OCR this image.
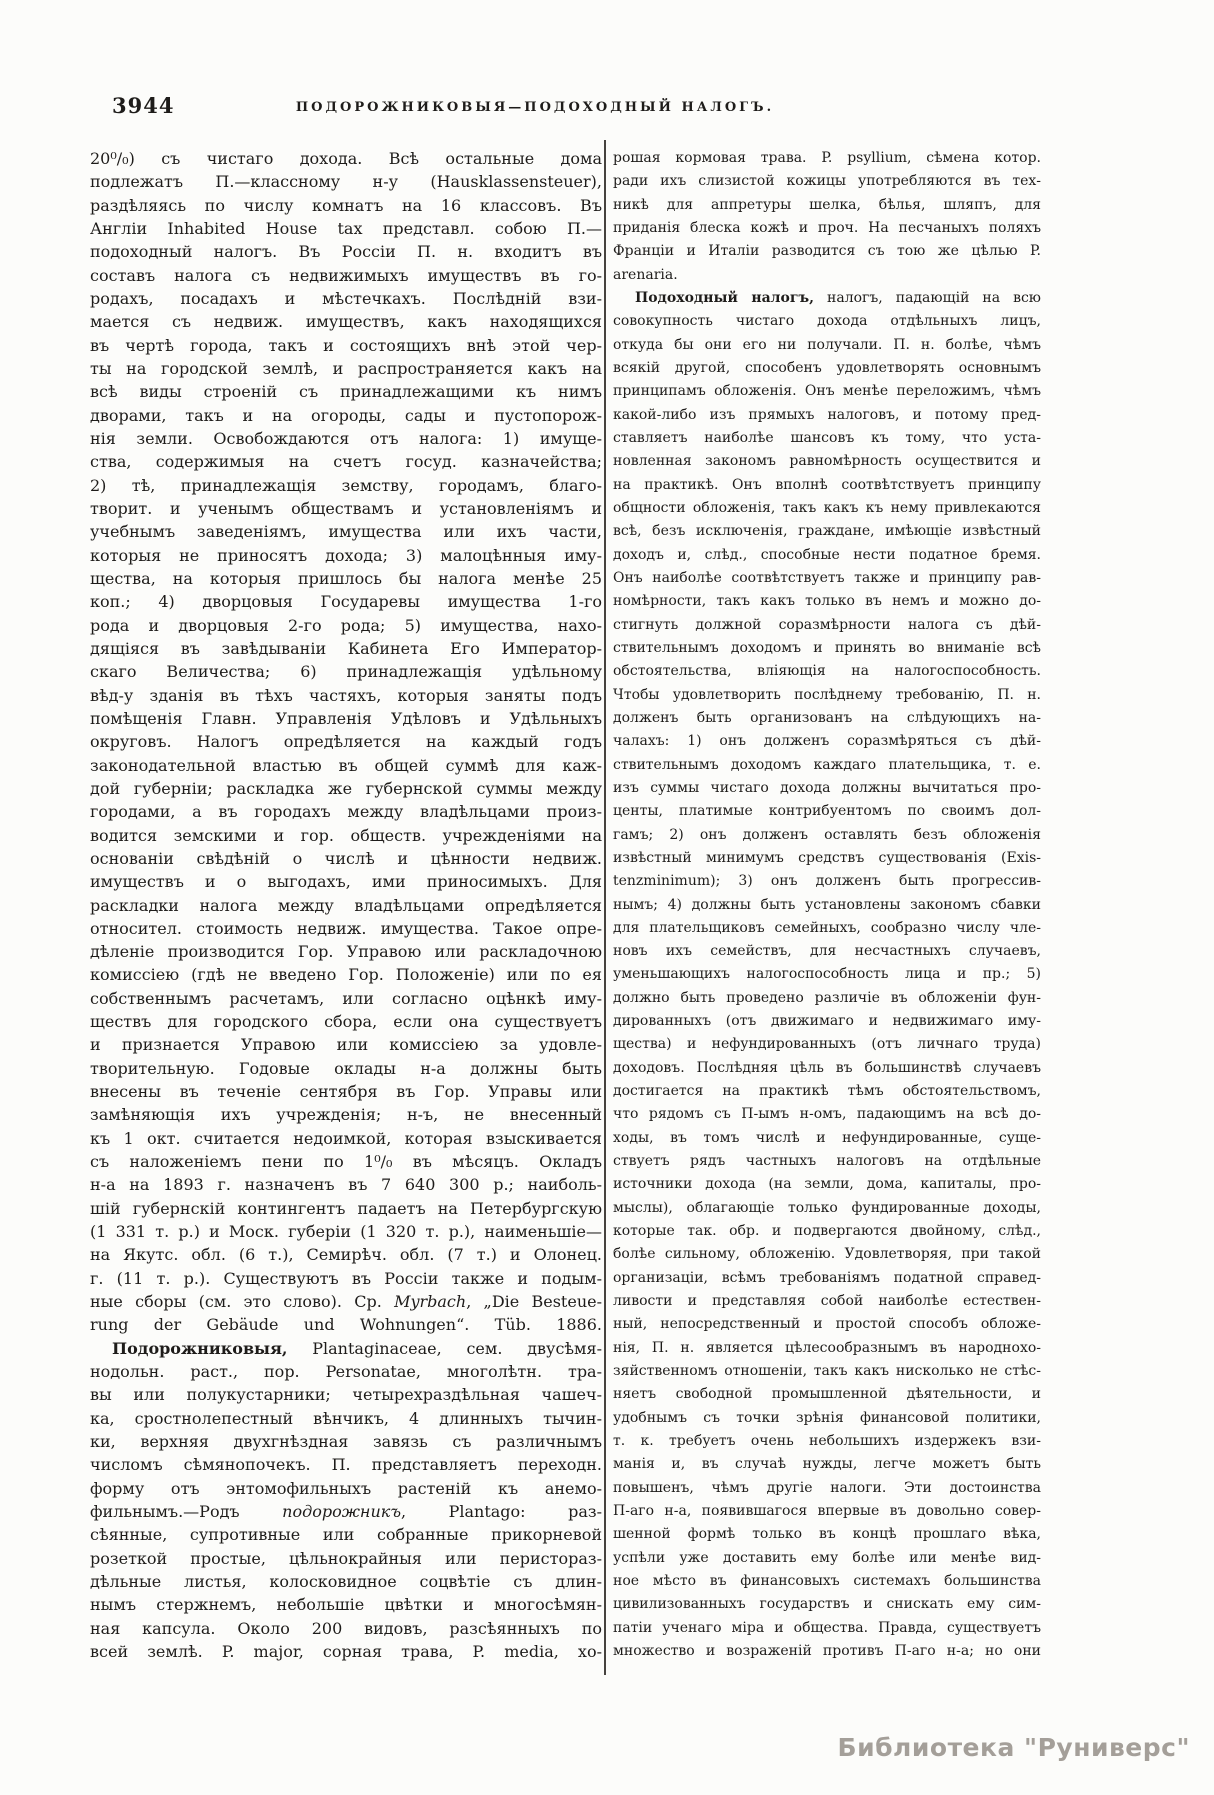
3944	ПОДОРОЖНИКОВЫЯ—ПОДОХОДНЫЙ НАЛОГЪ.
20⁰/₀) съ чистаго дохода. Всѣ остальные дома
подлежатъ П.—классному н-у (Hausklassensteuer),
раздѣляясь по числу комнатъ на 16 классовъ. Въ
Англіи Inhabited House tax представл. собою П.—
подоходный налогъ. Въ Россіи П. н. входитъ въ
составъ налога съ недвижимыхъ имуществъ въ го-
родахъ, посадахъ и мѣстечкахъ. Послѣдній взи-
мается съ недвиж. имуществъ, какъ находящихся
въ чертѣ города, такъ и состоящихъ внѣ этой чер-
ты на городской землѣ, и распространяется какъ на
всѣ виды строеній съ принадлежащими къ нимъ
дворами, такъ и на огороды, сады и пустопорож-
нія земли. Освобождаются отъ налога: 1) имуще-
ства, содержимыя на счетъ госуд. казначейства;
2) тѣ, принадлежащія земству, городамъ, благо-
творит. и ученымъ обществамъ и установленіямъ и
учебнымъ заведеніямъ, имущества или ихъ части,
которыя не приносятъ дохода; 3) малоцѣнныя иму-
щества, на которыя пришлось бы налога менѣе 25
коп.; 4) дворцовыя Государевы имущества 1-го
рода и дворцовыя 2-го рода; 5) имущества, нахо-
дящіяся въ завѣдываніи Кабинета Его Император-
скаго Величества; 6) принадлежащія удѣльному
вѣд-у зданія въ тѣхъ частяхъ, которыя заняты подъ
помѣщенія Главн. Управленія Удѣловъ и Удѣльныхъ
округовъ. Налогъ опредѣляется на каждый годъ
законодательной властью въ общей суммѣ для каж-
дой губерніи; раскладка же губернской суммы между
городами, а въ городахъ между владѣльцами произ-
водится земскими и гор. обществ. учрежденіями на
основаніи свѣдѣній о числѣ и цѣнности недвиж.
имуществъ и о выгодахъ, ими приносимыхъ. Для
раскладки налога между владѣльцами опредѣляется
относител. стоимость недвиж. имущества. Такое опре-
дѣленіе производится Гор. Управою или раскладочною
комиссіею (гдѣ не введено Гор. Положеніе) или по ея
собственнымъ расчетамъ, или согласно оцѣнкѣ иму-
ществъ для городского сбора, если она существуетъ
и признается Управою или комиссіею за удовле-
творительную. Годовые оклады н-а должны быть
внесены въ теченіе сентября въ Гор. Управы или
замѣняющія ихъ учрежденія; н-ъ, не внесенный
къ 1 окт. считается недоимкой, которая взыскивается
съ наложеніемъ пени по 1⁰/₀ въ мѣсяцъ. Окладъ
н-а на 1893 г. назначенъ въ 7 640 300 р.; наиболь-
шій губернскій контингентъ падаетъ на Петербургскую
(1 331 т. р.) и Моск. губеріи (1 320 т. р.), наименьшіе—
на Якутс. обл. (6 т.), Семирѣч. обл. (7 т.) и Олонец.
г. (11 т. р.). Существуютъ въ Россіи также и подым-
ные сборы (см. это слово). Ср. Myrbach, „Die Besteue-
rung der Gebäude und Wohnungen“. Tüb. 1886.
Подорожниковыя, Plantaginaceae, сем. двусѣмя-
нодольн. раст., пор. Personatae, многолѣтн. тра-
вы или полукустарники; четырехраздѣльная чашеч-
ка, сростнолепестный вѣнчикъ, 4 длинныхъ тычин-
ки, верхняя двухгнѣздная завязь съ различнымъ
числомъ сѣмянопочекъ. П. представляетъ переходн.
форму отъ энтомофильныхъ растеній къ анемо-
фильнымъ.—Родъ подорожникъ, Plantago: раз-
сѣянные, супротивные или собранные прикорневой
розеткой простые, цѣльнокрайныя или перистораз-
дѣльные листья, колосковидное соцвѣтіе съ длин-
нымъ стержнемъ, небольшіе цвѣтки и многосѣмян-
ная капсула. Около 200 видовъ, разсѣянныхъ по
всей землѣ. P. major, сорная трава, P. media, хо-
рошая кормовая трава. P. psyllium, сѣмена котор.
ради ихъ слизистой кожицы употребляются въ тех-
никѣ для аппретуры шелка, бѣлья, шляпъ, для
приданія блеска кожѣ и проч. На песчаныхъ поляхъ
Франціи и Италіи разводится съ тою же цѣлью P.
arenaria.
Подоходный налогъ, налогъ, падающій на всю
совокупность чистаго дохода отдѣльныхъ лицъ,
откуда бы они его ни получали. П. н. болѣе, чѣмъ
всякій другой, способенъ удовлетворять основнымъ
принципамъ обложенія. Онъ менѣе переложимъ, чѣмъ
какой-либо изъ прямыхъ налоговъ, и потому пред-
ставляетъ наиболѣе шансовъ къ тому, что уста-
новленная закономъ равномѣрность осуществится и
на практикѣ. Онъ вполнѣ соотвѣтствуетъ принципу
общности обложенія, такъ какъ къ нему привлекаются
всѣ, безъ исключенія, граждане, имѣющіе извѣстный
доходъ и, слѣд., способные нести податное бремя.
Онъ наиболѣе соотвѣтствуетъ также и принципу рав-
номѣрности, такъ какъ только въ немъ и можно до-
стигнуть должной соразмѣрности налога съ дѣй-
ствительнымъ доходомъ и принять во вниманіе всѣ
обстоятельства, вліяющія на налогоспособность.
Чтобы удовлетворить послѣднему требованію, П. н.
долженъ быть организованъ на слѣдующихъ на-
чалахъ: 1) онъ долженъ соразмѣряться съ дѣй-
ствительнымъ доходомъ каждаго плательщика, т. е.
изъ суммы чистаго дохода должны вычитаться про-
центы, платимые контрибуентомъ по своимъ дол-
гамъ; 2) онъ долженъ оставлять безъ обложенія
извѣстный минимумъ средствъ существованія (Exis-
tenzminimum); 3) онъ долженъ быть прогрессив-
нымъ; 4) должны быть установлены закономъ сбавки
для плательщиковъ семейныхъ, сообразно числу чле-
новъ ихъ семействъ, для несчастныхъ случаевъ,
уменьшающихъ налогоспособность лица и пр.; 5)
должно быть проведено различіе въ обложеніи фун-
дированныхъ (отъ движимаго и недвижимаго иму-
щества) и нефундированныхъ (отъ личнаго труда)
доходовъ. Послѣдняя цѣль въ большинствѣ случаевъ
достигается на практикѣ тѣмъ обстоятельствомъ,
что рядомъ съ П-ымъ н-омъ, падающимъ на всѣ до-
ходы, въ томъ числѣ и нефундированные, суще-
ствуетъ рядъ частныхъ налоговъ на отдѣльные
источники дохода (на земли, дома, капиталы, про-
мыслы), облагающіе только фундированные доходы,
которые так. обр. и подвергаются двойному, слѣд.,
болѣе сильному, обложенію. Удовлетворяя, при такой
организаціи, всѣмъ требованіямъ податной справед-
ливости и представляя собой наиболѣе естествен-
ный, непосредственный и простой способъ обложе-
нія, П. н. является цѣлесообразнымъ въ народнохо-
зяйственномъ отношеніи, такъ какъ нисколько не стѣс-
няетъ свободной промышленной дѣятельности, и
удобнымъ съ точки зрѣнія финансовой политики,
т. к. требуетъ очень небольшихъ издержекъ взи-
манія и, въ случаѣ нужды, легче можетъ быть
повышенъ, чѣмъ другіе налоги. Эти достоинства
П-аго н-а, появившагося впервые въ довольно совер-
шенной формѣ только въ концѣ прошлаго вѣка,
успѣли уже доставить ему болѣе или менѣе вид-
ное мѣсто въ финансовыхъ системахъ большинства
цивилизованныхъ государствъ и снискать ему сим-
патіи ученаго міра и общества. Правда, существуетъ
множество и возраженій противъ П-аго н-а; но они
Библиотека "Руниверс"
